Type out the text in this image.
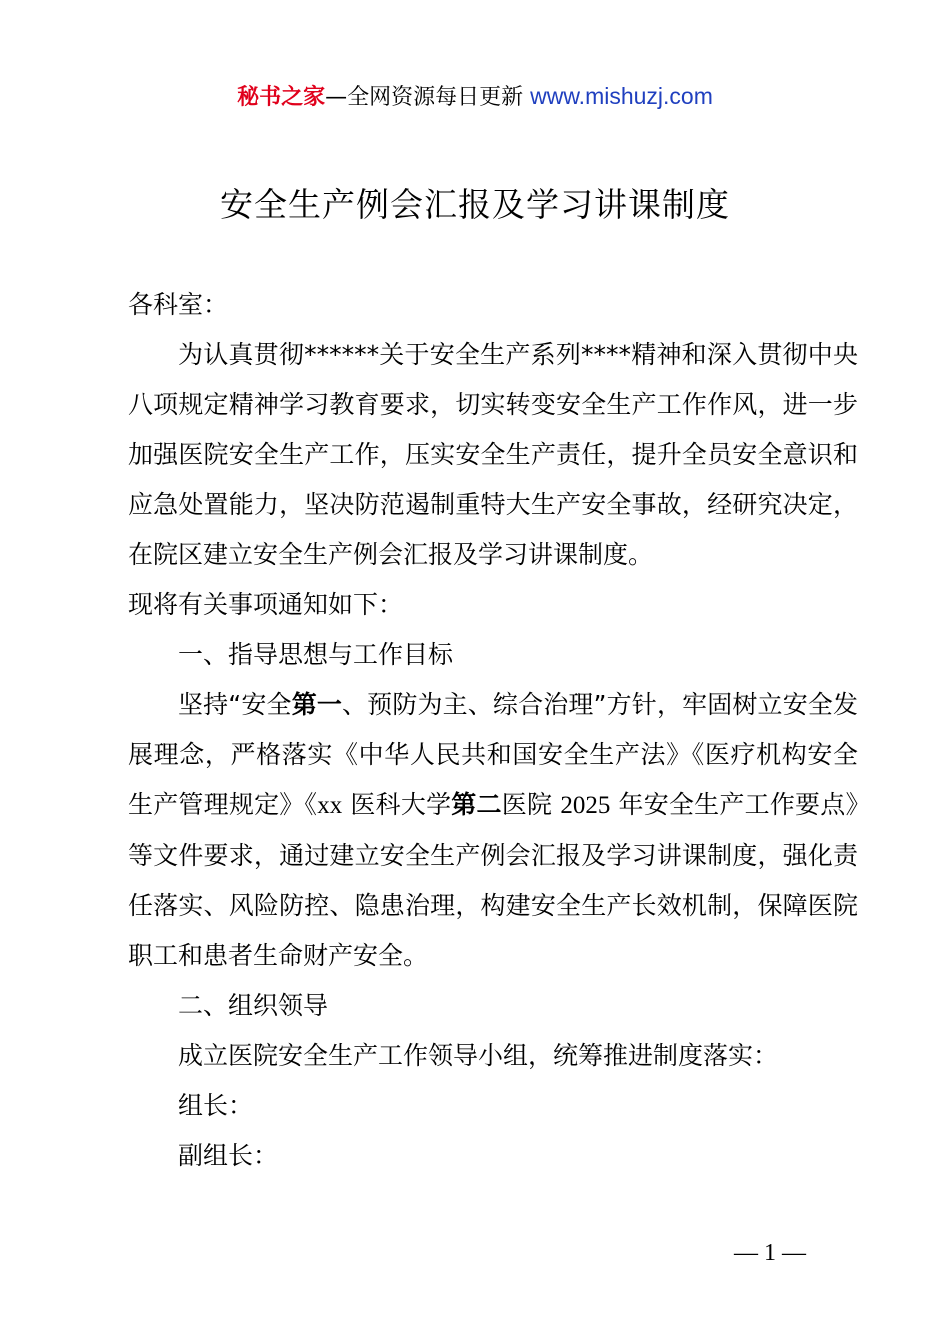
秘书之家—全网资源每日更新 www.mishuzj.com
安全生产例会汇报及学习讲课制度

各科室：

为认真贯彻******关于安全生产系列****精神和深入贯彻中央八项规定精神学习教育要求，切实转变安全生产工作作风，进一步加强医院安全生产工作，压实安全生产责任，提升全员安全意识和应急处置能力，坚决防范遏制重特大生产安全事故，经研究决定，在院区建立安全生产例会汇报及学习讲课制度。

现将有关事项通知如下：

一、指导思想与工作目标

坚持“安全第一、预防为主、综合治理”方针，牢固树立安全发展理念，严格落实《中华人民共和国安全生产法》《医疗机构安全生产管理规定》《xx 医科大学第二医院 2025 年安全生产工作要点》等文件要求，通过建立安全生产例会汇报及学习讲课制度，强化责任落实、风险防控、隐患治理，构建安全生产长效机制，保障医院职工和患者生命财产安全。

二、组织领导

成立医院安全生产工作领导小组，统筹推进制度落实：

组长：

副组长：

— 1 —
